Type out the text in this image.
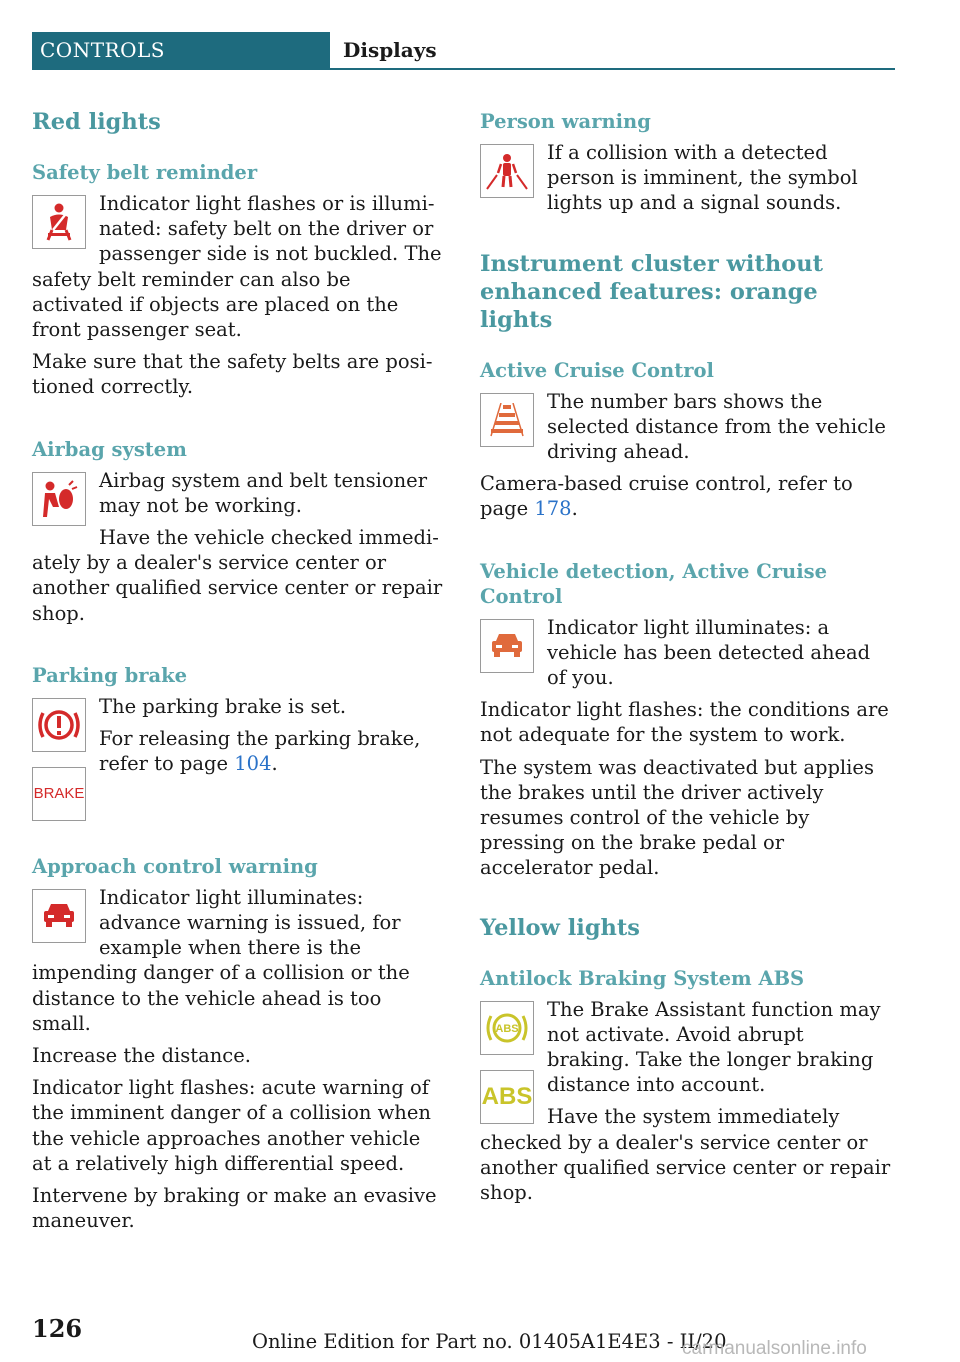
CONTROLS	Displays

Red lights

Safety belt reminder

Indicator light flashes or is illuminated: safety belt on the driver or passenger side is not buckled. The safety belt reminder can also be activated if objects are placed on the front passenger seat.

Make sure that the safety belts are positioned correctly.

Airbag system

Airbag system and belt tensioner may not be working.

Have the vehicle checked immediately by a dealer's service center or another qualified service center or repair shop.

Parking brake

BRAKE

The parking brake is set.

For releasing the parking brake, refer to page 104.

Approach control warning

Indicator light illuminates: advance warning is issued, for example when there is the impending danger of a collision or the distance to the vehicle ahead is too small.

Increase the distance.

Indicator light flashes: acute warning of the imminent danger of a collision when the vehicle approaches another vehicle at a relatively high differential speed.

Intervene by braking or make an evasive maneuver.

Person warning

If a collision with a detected person is imminent, the symbol lights up and a signal sounds.

Instrument cluster without enhanced features: orange lights

Active Cruise Control

The number bars shows the selected distance from the vehicle driving ahead.

Camera-based cruise control, refer to page 178.

Vehicle detection, Active Cruise Control

Indicator light illuminates: a vehicle has been detected ahead of you.

Indicator light flashes: the conditions are not adequate for the system to work.

The system was deactivated but applies the brakes until the driver actively resumes control of the vehicle by pressing on the brake pedal or accelerator pedal.

Yellow lights

Antilock Braking System ABS

ABS
ABS

The Brake Assistant function may not activate. Avoid abrupt braking. Take the longer braking distance into account.

Have the system immediately checked by a dealer's service center or another qualified service center or repair shop.

126	Online Edition for Part no. 01405A1E4E3 - II/20
carmanualsonline.info
